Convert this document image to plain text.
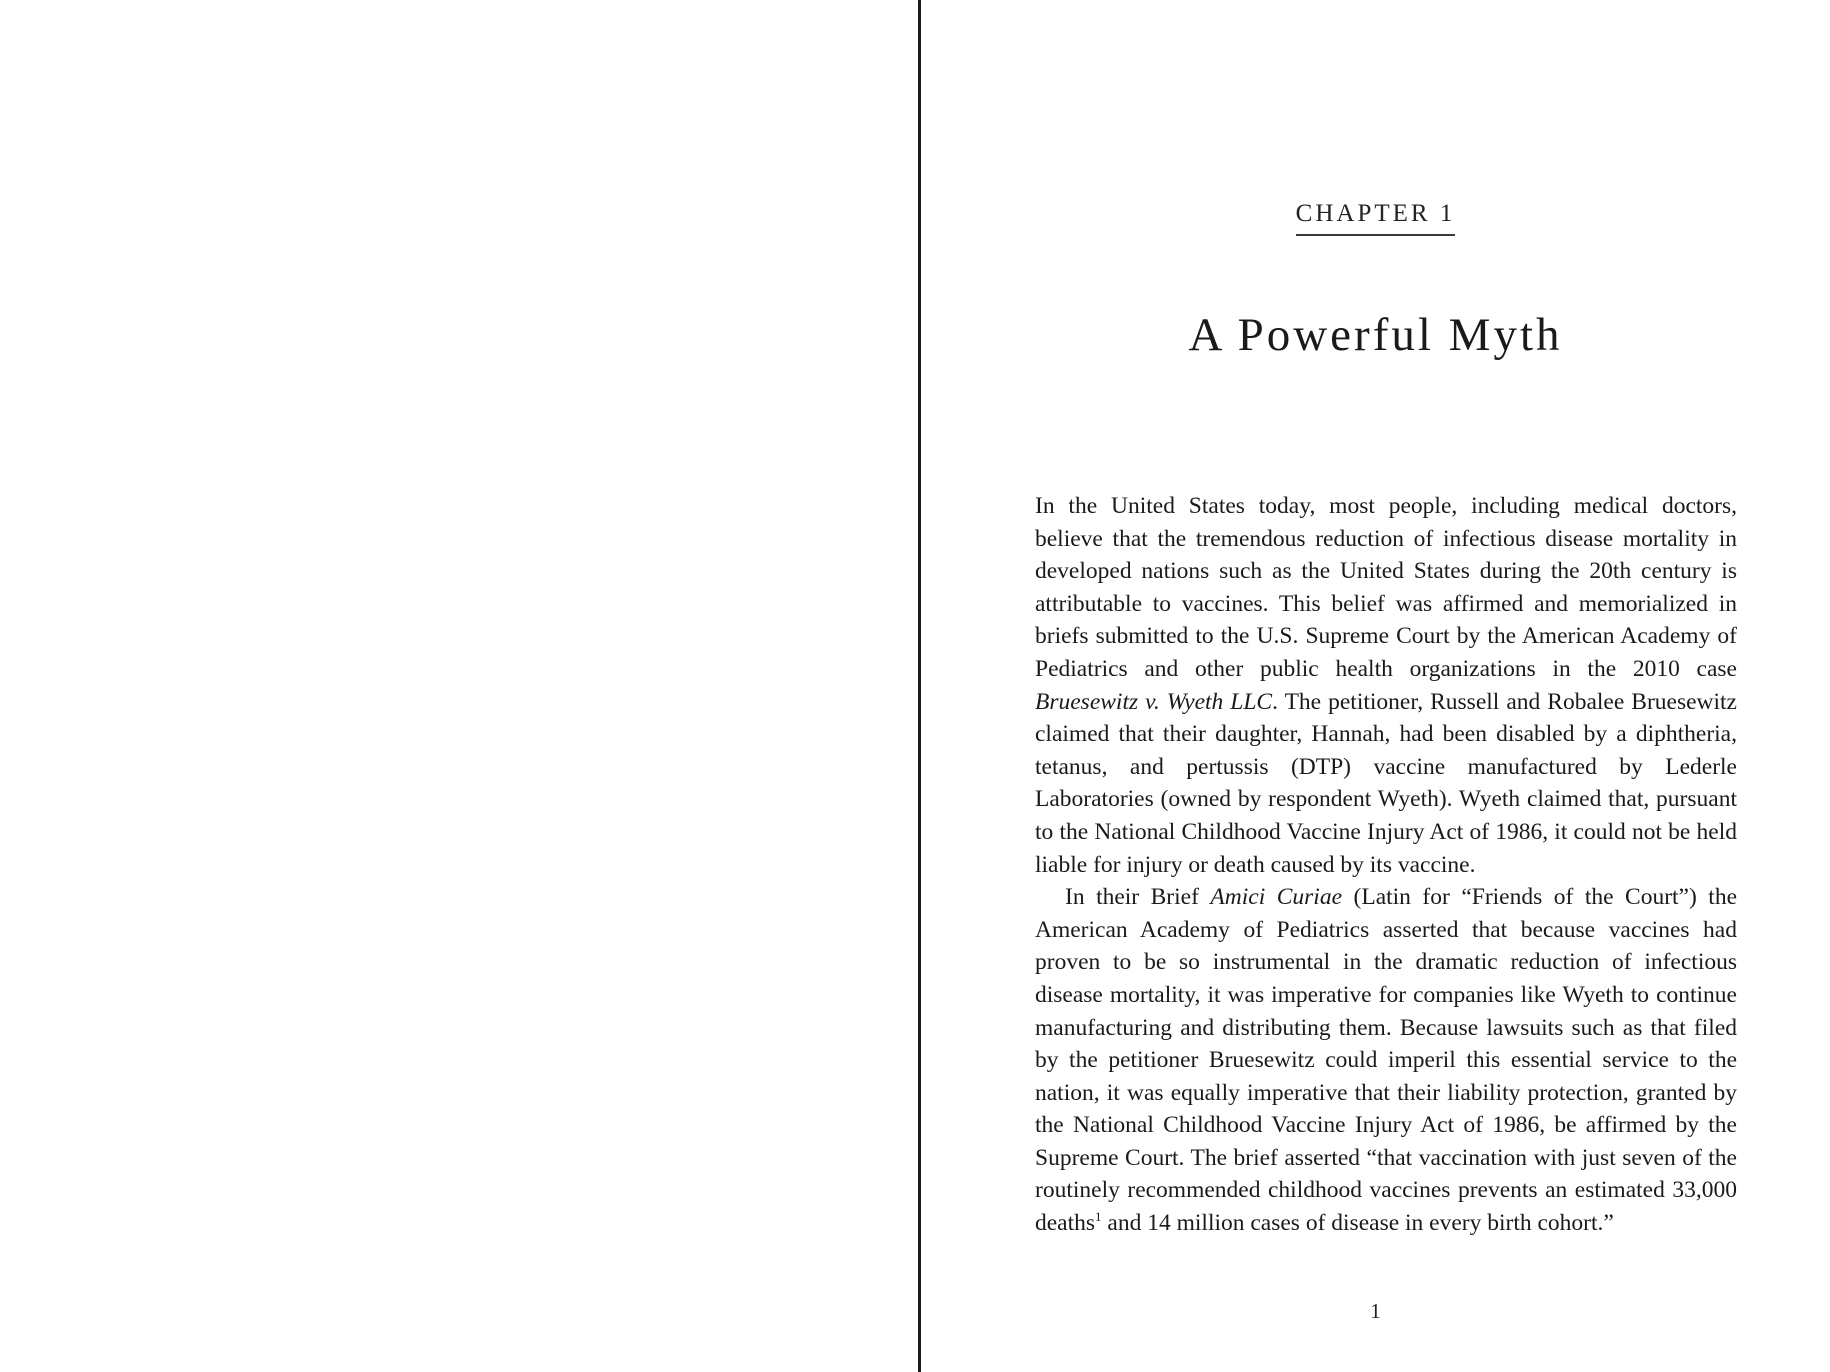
CHAPTER 1
A Powerful Myth

In the United States today, most people, including medical doctors, believe that the tremendous reduction of infectious disease mortality in developed nations such as the United States during the 20th century is attributable to vaccines. This belief was affirmed and memorialized in briefs submitted to the U.S. Supreme Court by the American Academy of Pediatrics and other public health organizations in the 2010 case Bruesewitz v. Wyeth LLC. The petitioner, Russell and Robalee Bruesewitz claimed that their daughter, Hannah, had been disabled by a diphtheria, tetanus, and pertussis (DTP) vaccine manufactured by Lederle Laboratories (owned by respondent Wyeth). Wyeth claimed that, pursuant to the National Childhood Vaccine Injury Act of 1986, it could not be held liable for injury or death caused by its vaccine.

In their Brief Amici Curiae (Latin for “Friends of the Court”) the American Academy of Pediatrics asserted that because vaccines had proven to be so instrumental in the dramatic reduction of infectious disease mortality, it was imperative for companies like Wyeth to continue manufacturing and distributing them. Because lawsuits such as that filed by the petitioner Bruesewitz could imperil this essential service to the nation, it was equally imperative that their liability protection, granted by the National Childhood Vaccine Injury Act of 1986, be affirmed by the Supreme Court. The brief asserted “that vaccination with just seven of the routinely recommended childhood vaccines prevents an estimated 33,000 deaths$^1$ and 14 million cases of disease in every birth cohort.”

1
